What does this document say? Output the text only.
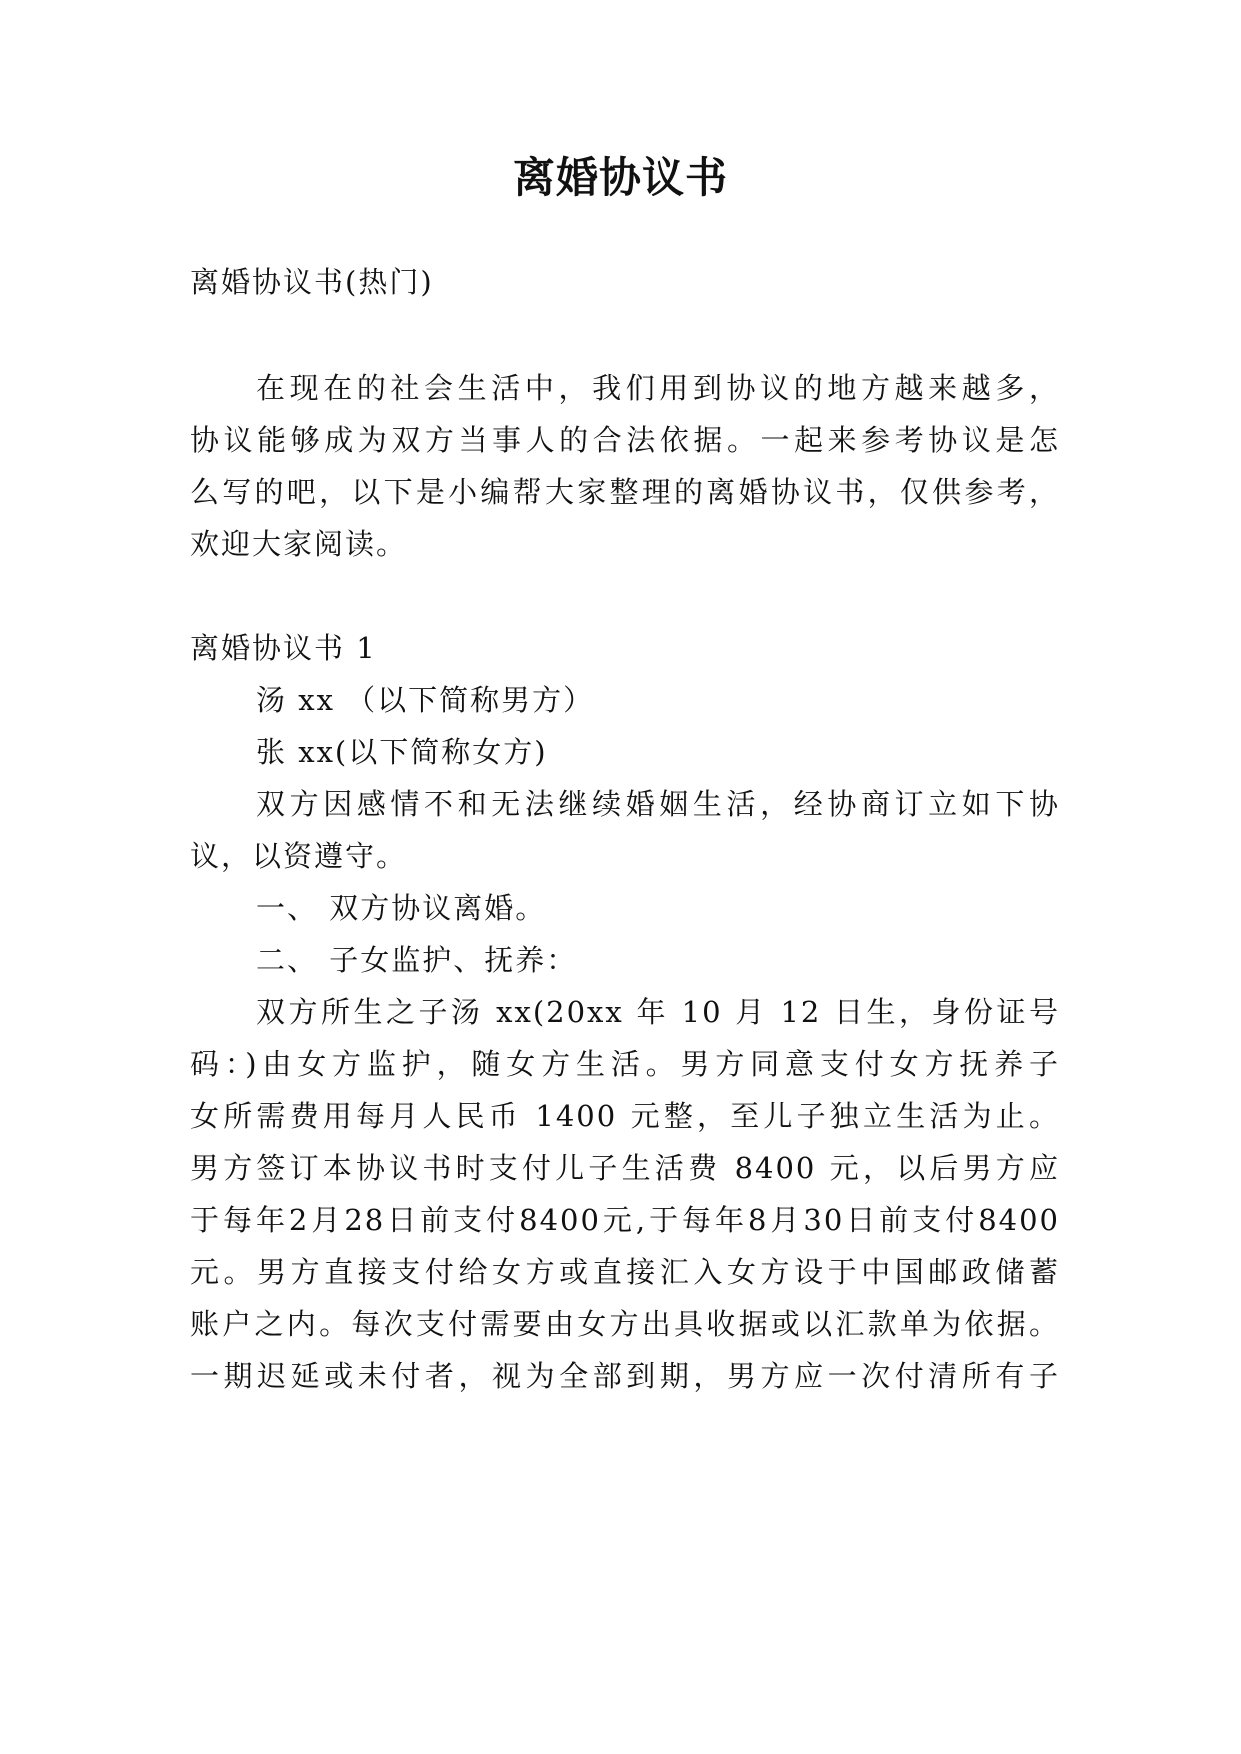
离婚协议书
离婚协议书(热门)
在现在的社会生活中，我们用到协议的地方越来越多，
协议能够成为双方当事人的合法依据。一起来参考协议是怎
么写的吧，以下是小编帮大家整理的离婚协议书，仅供参考，
欢迎大家阅读。
离婚协议书 1
汤 xx （以下简称男方）
张 xx(以下简称女方)
双方因感情不和无法继续婚姻生活，经协商订立如下协
议，以资遵守。
一、 双方协议离婚。
二、 子女监护、抚养：
双方所生之子汤 xx(20xx 年 10 月 12 日生，身份证号
码：)由女方监护，随女方生活。男方同意支付女方抚养子
女所需费用每月人民币 1400 元整，至儿子独立生活为止。
男方签订本协议书时支付儿子生活费 8400 元，以后男方应
于每年2月28日前支付8400元,于每年8月30日前支付8400
元。男方直接支付给女方或直接汇入女方设于中国邮政储蓄
账户之内。每次支付需要由女方出具收据或以汇款单为依据。
一期迟延或未付者，视为全部到期，男方应一次付清所有子
